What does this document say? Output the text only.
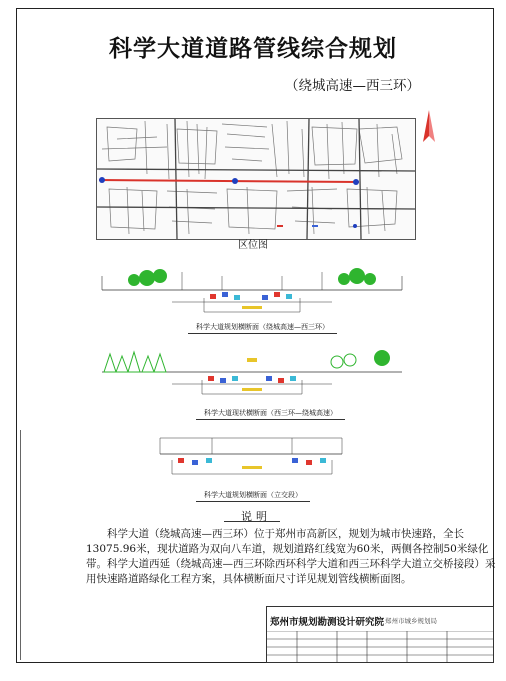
科学大道道路管线综合规划
（绕城高速—西三环）
区位图
科学大道规划横断面（绕城高速—西三环）
科学大道现状横断面（西三环—绕城高速）
科学大道规划横断面（立交段）
说明

科学大道（绕城高速—西三环）位于郑州市高新区，规划为城市快速路，全长13075.96米，现状道路为双向八车道，规划道路红线宽为60米，两侧各控制50米绿化带。科学大道西延（绕城高速—西三环除西环科学大道和西三环科学大道立交桥接段）采用快速路道路绿化工程方案，具体横断面尺寸详见规划管线横断面图。

郑州市规划勘测设计研究院 郑州市城乡规划局
